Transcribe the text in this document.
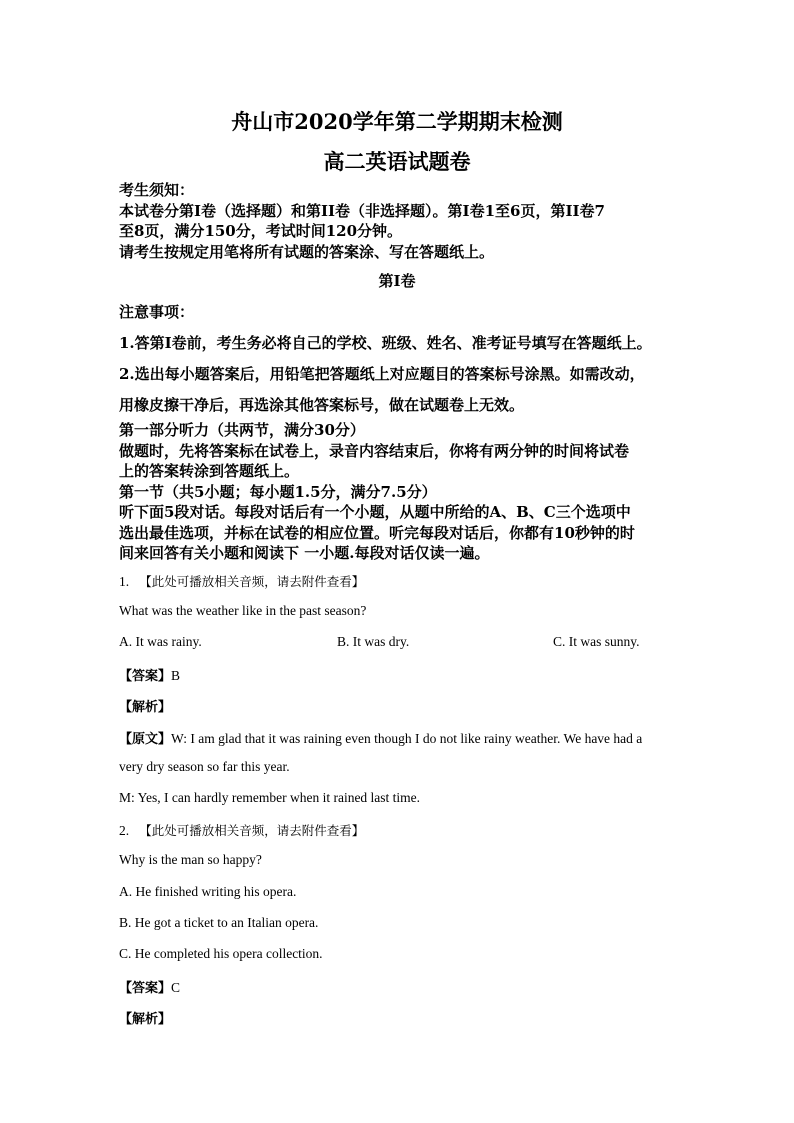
舟山市2020学年第二学期期末检测
高二英语试题卷
考生须知：
本试卷分第I卷（选择题）和第II卷（非选择题）。第I卷1至6页，第II卷7
至8页，满分150分，考试时间120分钟。
请考生按规定用笔将所有试题的答案涂、写在答题纸上。
第I卷
注意事项：
1.答第I卷前，考生务必将自己的学校、班级、姓名、准考证号填写在答题纸上。
2.选出每小题答案后，用铅笔把答题纸上对应题目的答案标号涂黑。如需改动，
用橡皮擦干净后，再选涂其他答案标号，做在试题卷上无效。
第一部分听力（共两节，满分30分）
做题时，先将答案标在试卷上，录音内容结束后，你将有两分钟的时间将试卷
上的答案转涂到答题纸上。
第一节（共5小题；每小题1.5分，满分7.5分）
听下面5段对话。每段对话后有一个小题，从题中所给的A、B、C三个选项中
选出最佳选项，并标在试卷的相应位置。听完每段对话后，你都有10秒钟的时
间来回答有关小题和阅读下 一小题.每段对话仅读一遍。
1. 【此处可播放相关音频，请去附件查看】
What was the weather like in the past season?
A. It was rainy.	B. It was dry.	C. It was sunny.
【答案】B
【解析】
【原文】W: I am glad that it was raining even though I do not like rainy weather. We have had a
very dry season so far this year.
M: Yes, I can hardly remember when it rained last time.
2. 【此处可播放相关音频，请去附件查看】
Why is the man so happy?
A. He finished writing his opera.
B. He got a ticket to an Italian opera.
C. He completed his opera collection.
【答案】C
【解析】
